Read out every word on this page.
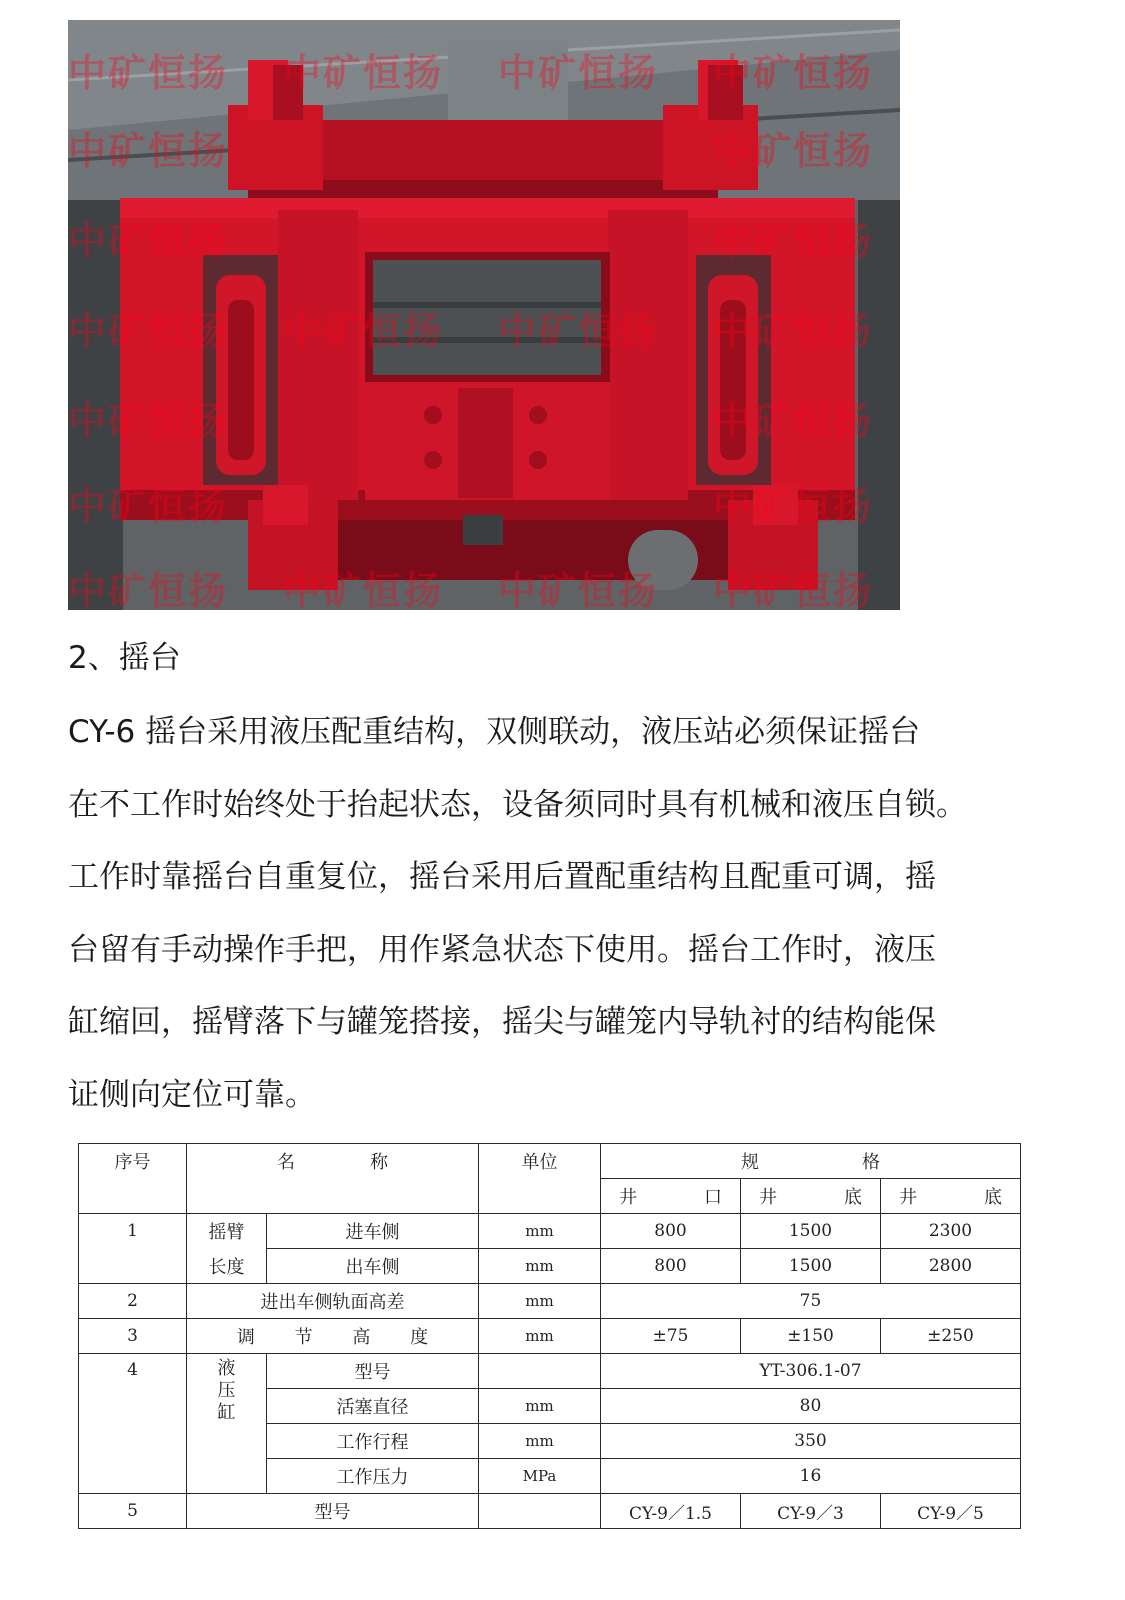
中矿恒扬 中矿恒扬 中矿恒扬 中矿恒扬
中矿恒扬	中矿恒扬
中矿恒扬	中矿恒扬
中矿恒扬 中矿恒扬 中矿恒扬 中矿恒扬
中矿恒扬	中矿恒扬
中矿恒扬	中矿恒扬
中矿恒扬 中矿恒扬 中矿恒扬 中矿恒扬
2、摇台

CY-6 摇台采用液压配重结构，双侧联动，液压站必须保证摇台
在不工作时始终处于抬起状态，设备须同时具有机械和液压自锁。
工作时靠摇台自重复位，摇台采用后置配重结构且配重可调，摇
台留有手动操作手把，用作紧急状态下使用。摇台工作时，液压
缸缩回，摇臂落下与罐笼搭接，摇尖与罐笼内导轨衬的结构能保
证侧向定位可靠。

序号	名 称		单位	规 格		

				井 口	井 底	井 底

1	摇臂	进车侧	mm	800	1500	2300
	长度	出车侧	mm	800	1500	2800
2	进出车侧轨面高差		mm	75		
3	调 节 高 度		mm	±75	±150	±250
4	液压缸	型号		YT-306.1-07		
		活塞直径	mm	80		
		工作行程	mm	350		
		工作压力	MPa	16		
5	型号			CY-9／1.5	CY-9／3	CY-9／5
